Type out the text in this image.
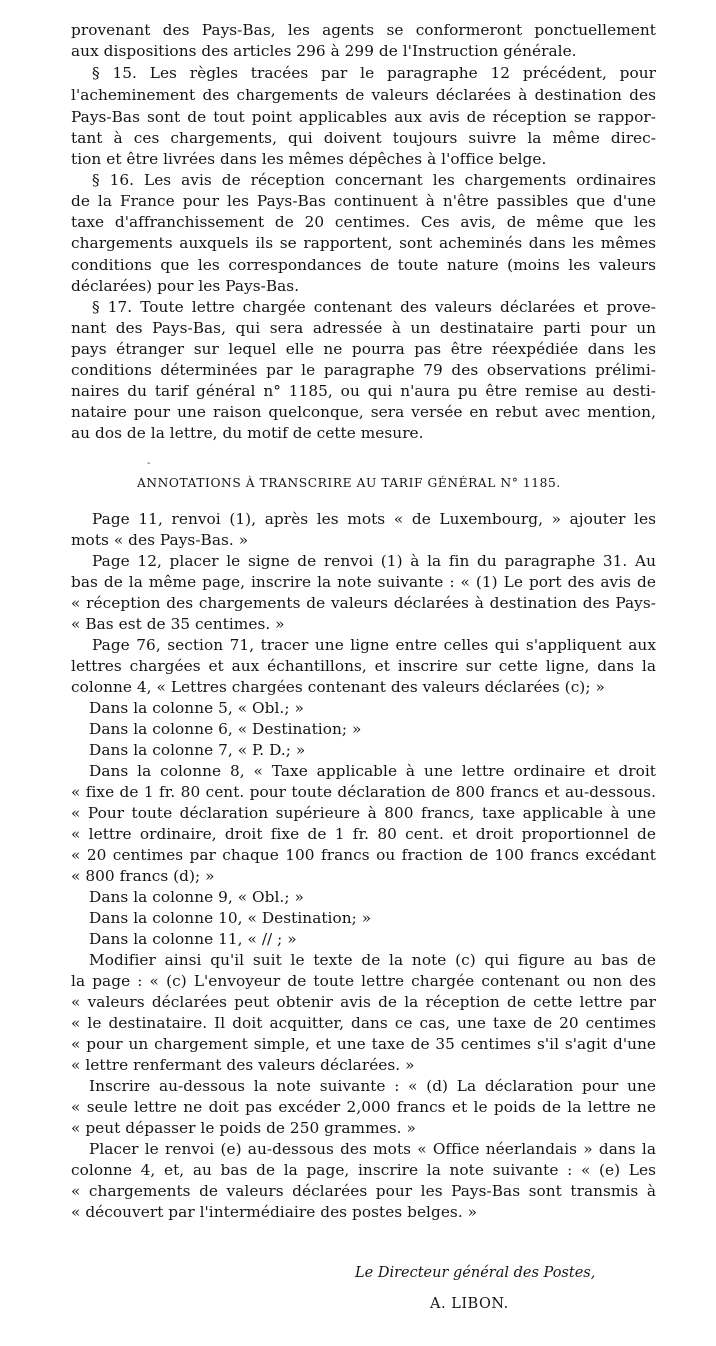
provenant des Pays-Bas, les agents se conformeront ponctuellement
aux dispositions des articles 296 à 299 de l'Instruction générale.
§ 15. Les règles tracées par le paragraphe 12 précédent, pour
l'acheminement des chargements de valeurs déclarées à destination des
Pays-Bas sont de tout point applicables aux avis de réception se rappor-
tant à ces chargements, qui doivent toujours suivre la même direc-
tion et être livrées dans les mêmes dépêches à l'office belge.
§ 16. Les avis de réception concernant les chargements ordinaires
de la France pour les Pays-Bas continuent à n'être passibles que d'une
taxe d'affranchissement de 20 centimes. Ces avis, de même que les
chargements auxquels ils se rapportent, sont acheminés dans les mêmes
conditions que les correspondances de toute nature (moins les valeurs
déclarées) pour les Pays-Bas.
§ 17. Toute lettre chargée contenant des valeurs déclarées et prove-
nant des Pays-Bas, qui sera adressée à un destinataire parti pour un
pays étranger sur lequel elle ne pourra pas être réexpédiée dans les
conditions déterminées par le paragraphe 79 des observations prélimi-
naires du tarif général n° 1185, ou qui n'aura pu être remise au desti-
nataire pour une raison quelconque, sera versée en rebut avec mention,
au dos de la lettre, du motif de cette mesure.
-
ANNOTATIONS À TRANSCRIRE AU TARIF GÉNÉRAL N° 1185.
Page 11, renvoi (1), après les mots « de Luxembourg, » ajouter les
mots « des Pays-Bas. »
Page 12, placer le signe de renvoi (1) à la fin du paragraphe 31. Au
bas de la même page, inscrire la note suivante : « (1) Le port des avis de
« réception des chargements de valeurs déclarées à destination des Pays-
« Bas est de 35 centimes. »
Page 76, section 71, tracer une ligne entre celles qui s'appliquent aux
lettres chargées et aux échantillons, et inscrire sur cette ligne, dans la
colonne 4, « Lettres chargées contenant des valeurs déclarées (c); »
Dans la colonne 5, « Obl.; »
Dans la colonne 6, « Destination; »
Dans la colonne 7, « P. D.; »
Dans la colonne 8, « Taxe applicable à une lettre ordinaire et droit
« fixe de 1 fr. 80 cent. pour toute déclaration de 800 francs et au-dessous.
« Pour toute déclaration supérieure à 800 francs, taxe applicable à une
« lettre ordinaire, droit fixe de 1 fr. 80 cent. et droit proportionnel de
« 20 centimes par chaque 100 francs ou fraction de 100 francs excédant
« 800 francs (d); »
Dans la colonne 9, « Obl.; »
Dans la colonne 10, « Destination; »
Dans la colonne 11, « // ; »
Modifier ainsi qu'il suit le texte de la note (c) qui figure au bas de
la page : « (c) L'envoyeur de toute lettre chargée contenant ou non des
« valeurs déclarées peut obtenir avis de la réception de cette lettre par
« le destinataire. Il doit acquitter, dans ce cas, une taxe de 20 centimes
« pour un chargement simple, et une taxe de 35 centimes s'il s'agit d'une
« lettre renfermant des valeurs déclarées. »
Inscrire au-dessous la note suivante : « (d) La déclaration pour une
« seule lettre ne doit pas excéder 2,000 francs et le poids de la lettre ne
« peut dépasser le poids de 250 grammes. »
Placer le renvoi (e) au-dessous des mots « Office néerlandais » dans la
colonne 4, et, au bas de la page, inscrire la note suivante : « (e) Les
« chargements de valeurs déclarées pour les Pays-Bas sont transmis à
« découvert par l'intermédiaire des postes belges. »
Le Directeur général des Postes,
A. LIBON.
